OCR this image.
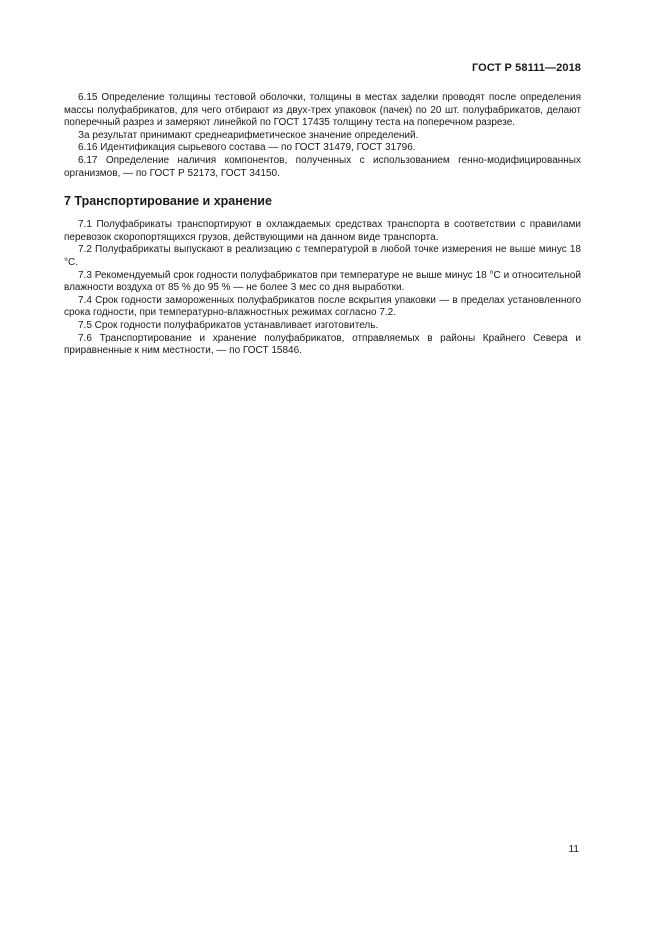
ГОСТ Р 58111—2018

6.15 Определение толщины тестовой оболочки, толщины в местах заделки проводят после определения массы полуфабрикатов, для чего отбирают из двух-трех упаковок (пачек) по 20 шт. полуфабрикатов, делают поперечный разрез и замеряют линейкой по ГОСТ 17435 толщину теста на поперечном разрезе.

За результат принимают среднеарифметическое значение определений.

6.16 Идентификация сырьевого состава — по ГОСТ 31479, ГОСТ 31796.

6.17 Определение наличия компонентов, полученных с использованием генно-модифицированных организмов, — по ГОСТ Р 52173, ГОСТ 34150.

7 Транспортирование и хранение

7.1 Полуфабрикаты транспортируют в охлаждаемых средствах транспорта в соответствии с правилами перевозок скоропортящихся грузов, действующими на данном виде транспорта.

7.2 Полуфабрикаты выпускают в реализацию с температурой в любой точке измерения не выше минус 18 °С.

7.3 Рекомендуемый срок годности полуфабрикатов при температуре не выше минус 18 °С и относительной влажности воздуха от 85 % до 95 % — не более 3 мес со дня выработки.

7.4 Срок годности замороженных полуфабрикатов после вскрытия упаковки — в пределах установленного срока годности, при температурно-влажностных режимах согласно 7.2.

7.5 Срок годности полуфабрикатов устанавливает изготовитель.

7.6 Транспортирование и хранение полуфабрикатов, отправляемых в районы Крайнего Севера и приравненные к ним местности, — по ГОСТ 15846.

11
